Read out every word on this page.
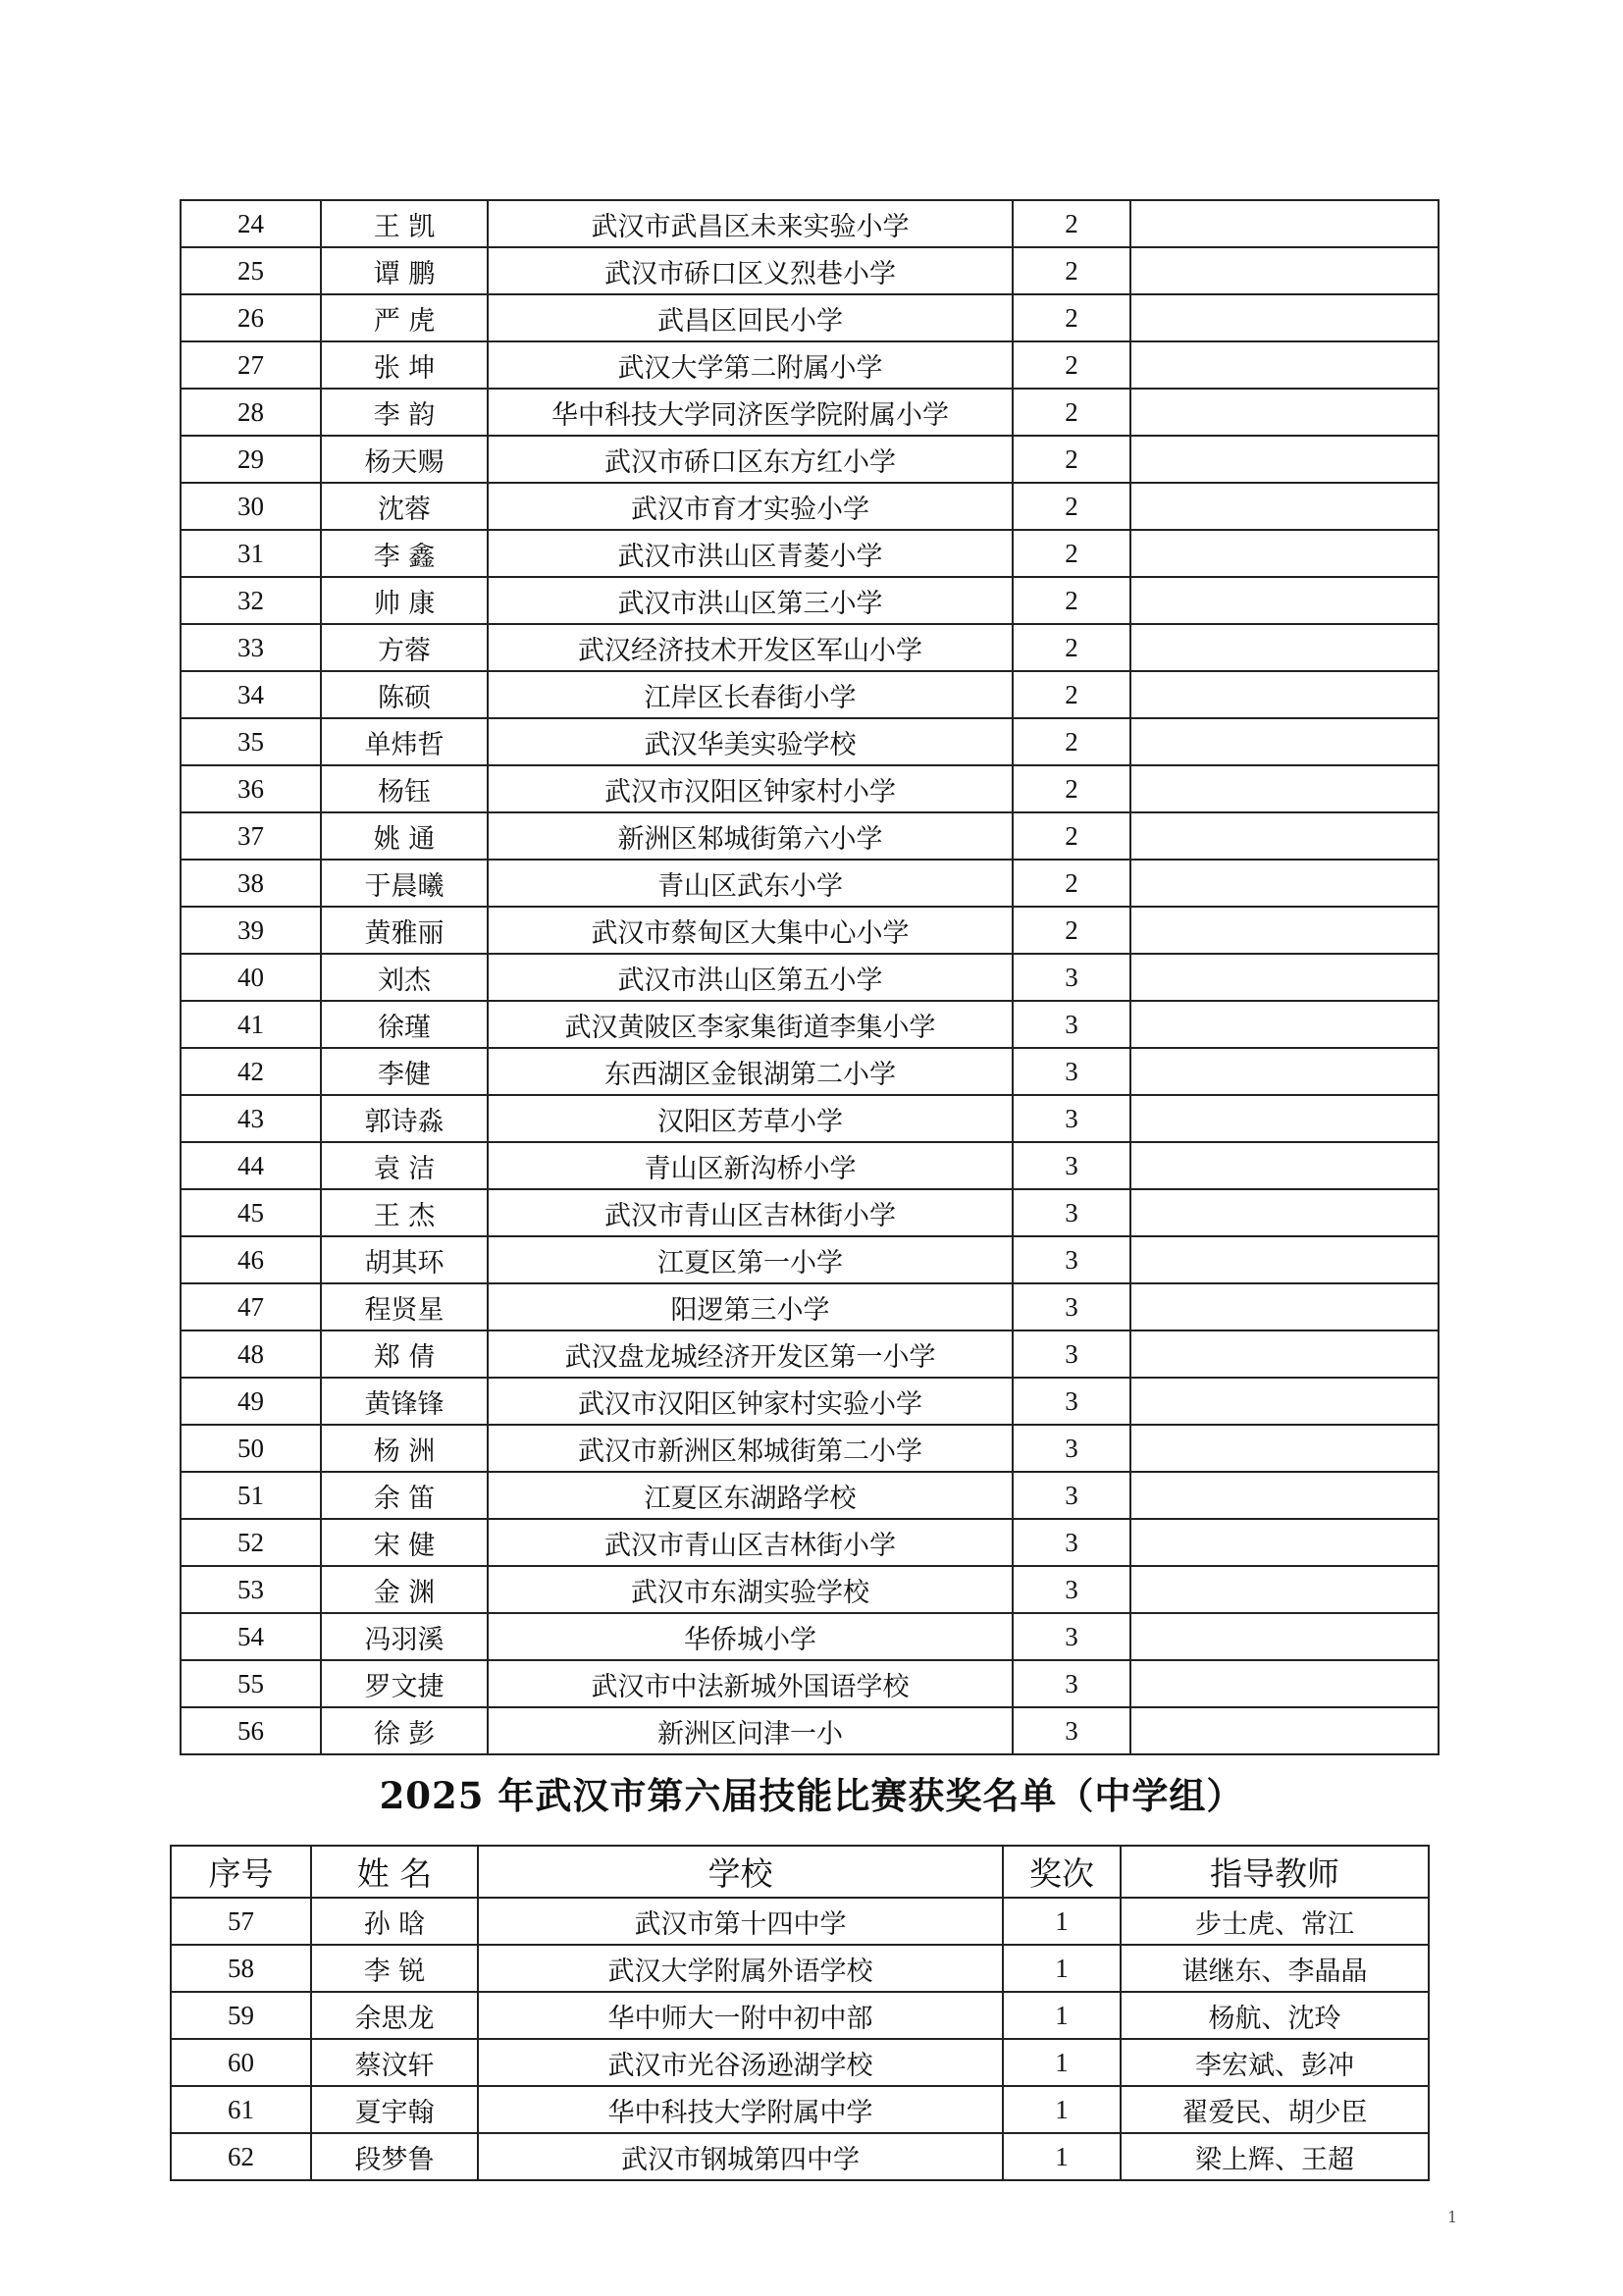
24	王 凯	武汉市武昌区未来实验小学	2	
25	谭 鹏	武汉市硚口区义烈巷小学	2	
26	严 虎	武昌区回民小学	2	
27	张 坤	武汉大学第二附属小学	2	
28	李 韵	华中科技大学同济医学院附属小学	2	
29	杨天赐	武汉市硚口区东方红小学	2	
30	沈蓉	武汉市育才实验小学	2	
31	李 鑫	武汉市洪山区青菱小学	2	
32	帅 康	武汉市洪山区第三小学	2	
33	方蓉	武汉经济技术开发区军山小学	2	
34	陈硕	江岸区长春街小学	2	
35	单炜哲	武汉华美实验学校	2	
36	杨钰	武汉市汉阳区钟家村小学	2	
37	姚 通	新洲区邾城街第六小学	2	
38	于晨曦	青山区武东小学	2	
39	黄雅丽	武汉市蔡甸区大集中心小学	2	
40	刘杰	武汉市洪山区第五小学	3	
41	徐瑾	武汉黄陂区李家集街道李集小学	3	
42	李健	东西湖区金银湖第二小学	3	
43	郭诗淼	汉阳区芳草小学	3	
44	袁 洁	青山区新沟桥小学	3	
45	王 杰	武汉市青山区吉林街小学	3	
46	胡其环	江夏区第一小学	3	
47	程贤星	阳逻第三小学	3	
48	郑 倩	武汉盘龙城经济开发区第一小学	3	
49	黄锋锋	武汉市汉阳区钟家村实验小学	3	
50	杨 洲	武汉市新洲区邾城街第二小学	3	
51	余 笛	江夏区东湖路学校	3	
52	宋 健	武汉市青山区吉林街小学	3	
53	金 渊	武汉市东湖实验学校	3	
54	冯羽溪	华侨城小学	3	
55	罗文捷	武汉市中法新城外国语学校	3	
56	徐 彭	新洲区问津一小	3	
2025 年武汉市第六届技能比赛获奖名单（中学组）
序号	姓 名	学校	奖次	指导教师
57	孙 晗	武汉市第十四中学	1	步士虎、常江
58	李 锐	武汉大学附属外语学校	1	谌继东、李晶晶
59	余思龙	华中师大一附中初中部	1	杨航、沈玲
60	蔡汶轩	武汉市光谷汤逊湖学校	1	李宏斌、彭冲
61	夏宇翰	华中科技大学附属中学	1	翟爱民、胡少臣
62	段梦鲁	武汉市钢城第四中学	1	梁上辉、王超
1
